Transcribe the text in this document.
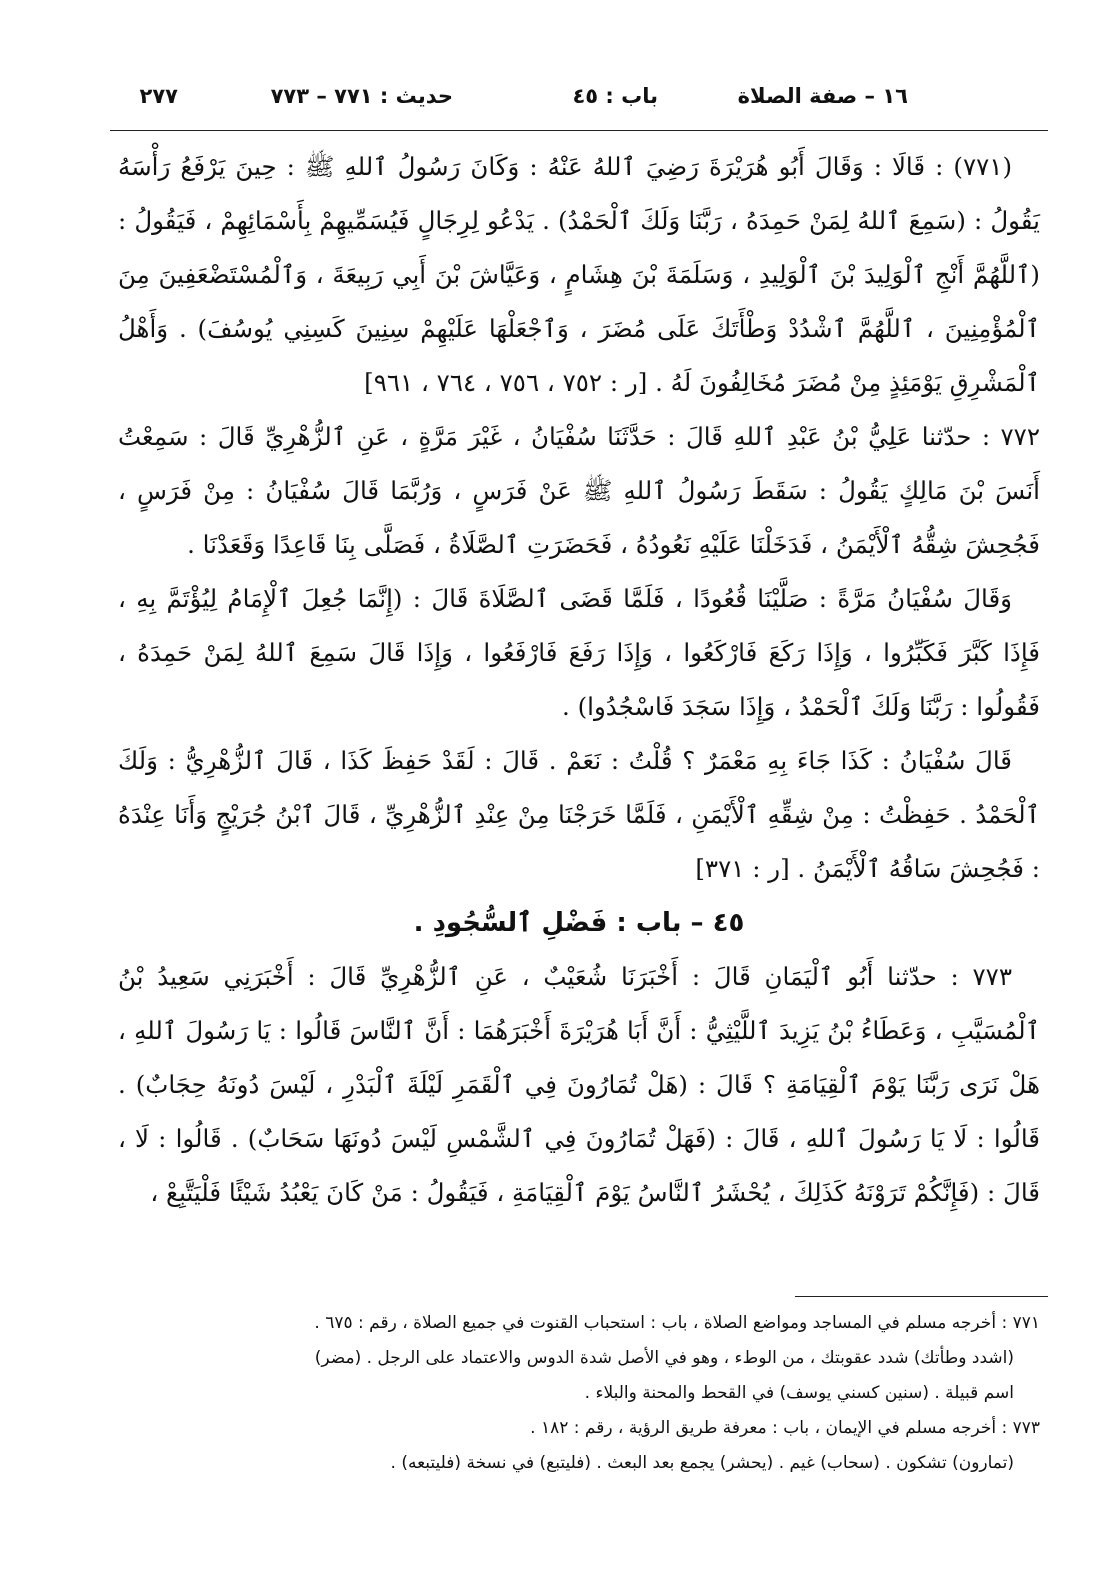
١٦ – صفة الصلاة
باب : ٤٥
حديث : ٧٧١ – ٧٧٣
٢٧٧

(٧٧١) : قَالَا : وَقَالَ أَبُو هُرَيْرَةَ رَضِيَ ٱللهُ عَنْهُ : وَكَانَ رَسُولُ ٱللهِ ﷺ : حِينَ يَرْفَعُ رَأْسَهُ يَقُولُ : (سَمِعَ ٱللهُ لِمَنْ حَمِدَهُ ، رَبَّنَا وَلَكَ ٱلْحَمْدُ) . يَدْعُو لِرِجَالٍ فَيُسَمِّيهِمْ بِأَسْمَائِهِمْ ، فَيَقُولُ : (ٱللَّهُمَّ أَنْجِ ٱلْوَلِيدَ بْنَ ٱلْوَلِيدِ ، وَسَلَمَةَ بْنَ هِشَامٍ ، وَعَيَّاشَ بْنَ أَبِي رَبِيعَةَ ، وَٱلْمُسْتَضْعَفِينَ مِنَ ٱلْمُؤْمِنِينَ ، ٱللَّهُمَّ ٱشْدُدْ وَطْأَتَكَ عَلَى مُضَرَ ، وَٱجْعَلْهَا عَلَيْهِمْ سِنِينَ كَسِنِي يُوسُفَ) . وَأَهْلُ ٱلْمَشْرِقِ يَوْمَئِذٍ مِنْ مُضَرَ مُخَالِفُونَ لَهُ . [ر : ٧٥٢ ، ٧٥٦ ، ٧٦٤ ، ٩٦١]

٧٧٢ : حدّثنا عَلِيُّ بْنُ عَبْدِ ٱللهِ قَالَ : حَدَّثَنَا سُفْيَانُ ، غَيْرَ مَرَّةٍ ، عَنِ ٱلزُّهْرِيِّ قَالَ : سَمِعْتُ أَنَسَ بْنَ مَالِكٍ يَقُولُ : سَقَطَ رَسُولُ ٱللهِ ﷺ عَنْ فَرَسٍ ، وَرُبَّمَا قَالَ سُفْيَانُ : مِنْ فَرَسٍ ، فَجُحِشَ شِقُّهُ ٱلْأَيْمَنُ ، فَدَخَلْنَا عَلَيْهِ نَعُودُهُ ، فَحَضَرَتِ ٱلصَّلَاةُ ، فَصَلَّى بِنَا قَاعِدًا وَقَعَدْنَا .

وَقَالَ سُفْيَانُ مَرَّةً : صَلَّيْنَا قُعُودًا ، فَلَمَّا قَضَى ٱلصَّلَاةَ قَالَ : (إِنَّمَا جُعِلَ ٱلْإِمَامُ لِيُؤْتَمَّ بِهِ ، فَإِذَا كَبَّرَ فَكَبِّرُوا ، وَإِذَا رَكَعَ فَارْكَعُوا ، وَإِذَا رَفَعَ فَارْفَعُوا ، وَإِذَا قَالَ سَمِعَ ٱللهُ لِمَنْ حَمِدَهُ ، فَقُولُوا : رَبَّنَا وَلَكَ ٱلْحَمْدُ ، وَإِذَا سَجَدَ فَاسْجُدُوا) .

قَالَ سُفْيَانُ : كَذَا جَاءَ بِهِ مَعْمَرٌ ؟ قُلْتُ : نَعَمْ . قَالَ : لَقَدْ حَفِظَ كَذَا ، قَالَ ٱلزُّهْرِيُّ : وَلَكَ ٱلْحَمْدُ . حَفِظْتُ : مِنْ شِقِّهِ ٱلْأَيْمَنِ ، فَلَمَّا خَرَجْنَا مِنْ عِنْدِ ٱلزُّهْرِيِّ ، قَالَ ٱبْنُ جُرَيْجٍ وَأَنَا عِنْدَهُ : فَجُحِشَ سَاقُهُ ٱلْأَيْمَنُ . [ر : ٣٧١]

٤٥ – باب : فَضْلِ ٱلسُّجُودِ .

٧٧٣ : حدّثنا أَبُو ٱلْيَمَانِ قَالَ : أَخْبَرَنَا شُعَيْبٌ ، عَنِ ٱلزُّهْرِيِّ قَالَ : أَخْبَرَنِي سَعِيدُ بْنُ ٱلْمُسَيَّبِ ، وَعَطَاءُ بْنُ يَزِيدَ ٱللَّيْثِيُّ : أَنَّ أَبَا هُرَيْرَةَ أَخْبَرَهُمَا : أَنَّ ٱلنَّاسَ قَالُوا : يَا رَسُولَ ٱللهِ ، هَلْ نَرَى رَبَّنَا يَوْمَ ٱلْقِيَامَةِ ؟ قَالَ : (هَلْ تُمَارُونَ فِي ٱلْقَمَرِ لَيْلَةَ ٱلْبَدْرِ ، لَيْسَ دُونَهُ حِجَابٌ) . قَالُوا : لَا يَا رَسُولَ ٱللهِ ، قَالَ : (فَهَلْ تُمَارُونَ فِي ٱلشَّمْسِ لَيْسَ دُونَهَا سَحَابٌ) . قَالُوا : لَا ، قَالَ : (فَإِنَّكُمْ تَرَوْنَهُ كَذَلِكَ ، يُحْشَرُ ٱلنَّاسُ يَوْمَ ٱلْقِيَامَةِ ، فَيَقُولُ : مَنْ كَانَ يَعْبُدُ شَيْئًا فَلْيَتَّبِعْ ،

٧٧١ : أخرجه مسلم في المساجد ومواضع الصلاة ، باب : استحباب القنوت في جميع الصلاة ، رقم : ٦٧٥ .

(اشدد وطأتك) شدد عقوبتك ، من الوطء ، وهو في الأصل شدة الدوس والاعتماد على الرجل . (مضر)

اسم قبيلة . (سنين كسني يوسف) في القحط والمحنة والبلاء .

٧٧٣ : أخرجه مسلم في الإيمان ، باب : معرفة طريق الرؤية ، رقم : ١٨٢ .

(تمارون) تشكون . (سحاب) غيم . (يحشر) يجمع بعد البعث . (فليتبع) في نسخة (فليتبعه) .
